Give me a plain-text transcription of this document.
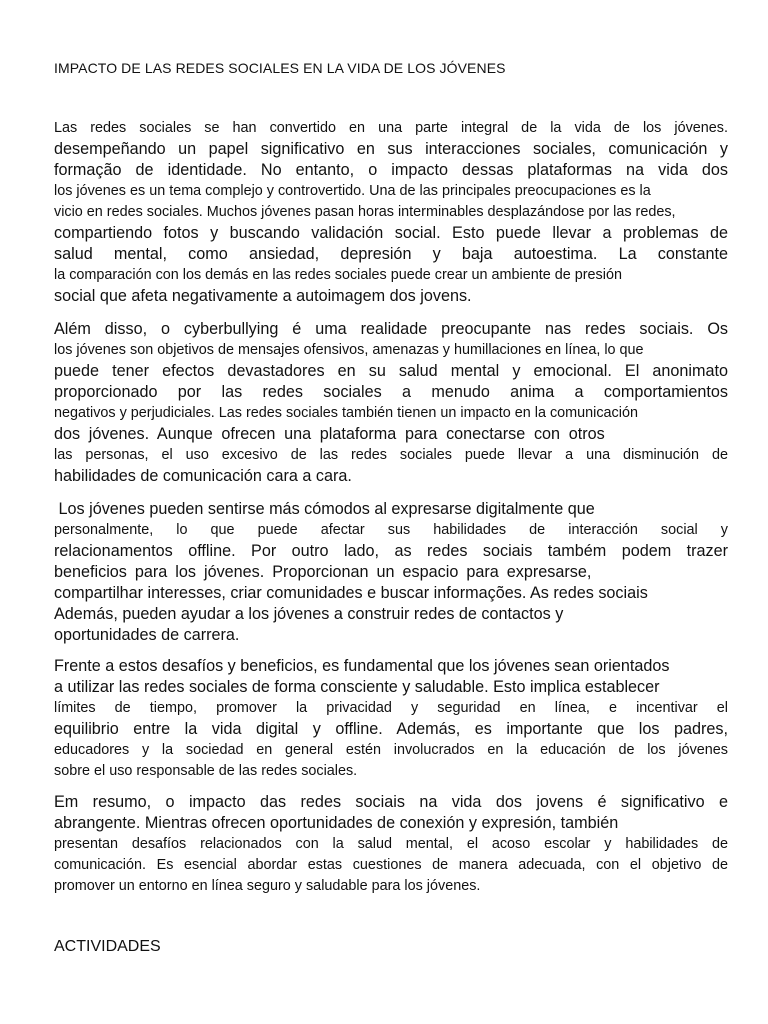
IMPACTO DE LAS REDES SOCIALES EN LA VIDA DE LOS JÓVENES
Las redes sociales se han convertido en una parte integral de la vida de los jóvenes.
desempeñando un papel significativo en sus interacciones sociales, comunicación y
formação de identidade. No entanto, o impacto dessas plataformas na vida dos
los jóvenes es un tema complejo y controvertido. Una de las principales preocupaciones es la
vicio en redes sociales. Muchos jóvenes pasan horas interminables desplazándose por las redes,
compartiendo fotos y buscando validación social. Esto puede llevar a problemas de
salud mental, como ansiedad, depresión y baja autoestima. La constante
la comparación con los demás en las redes sociales puede crear un ambiente de presión
social que afeta negativamente a autoimagem dos jovens.
Além disso, o cyberbullying é uma realidade preocupante nas redes sociais. Os
los jóvenes son objetivos de mensajes ofensivos, amenazas y humillaciones en línea, lo que
puede tener efectos devastadores en su salud mental y emocional. El anonimato
proporcionado por las redes sociales a menudo anima a comportamientos
negativos y perjudiciales. Las redes sociales también tienen un impacto en la comunicación
dos jóvenes. Aunque ofrecen una plataforma para conectarse con otros
las personas, el uso excesivo de las redes sociales puede llevar a una disminución de
habilidades de comunicación cara a cara.
Los jóvenes pueden sentirse más cómodos al expresarse digitalmente que
personalmente, lo que puede afectar sus habilidades de interacción social y
relacionamentos offline. Por outro lado, as redes sociais também podem trazer
beneficios para los jóvenes. Proporcionan un espacio para expresarse,
compartilhar interesses, criar comunidades e buscar informações. As redes sociais
Además, pueden ayudar a los jóvenes a construir redes de contactos y
oportunidades de carrera.
Frente a estos desafíos y beneficios, es fundamental que los jóvenes sean orientados
a utilizar las redes sociales de forma consciente y saludable. Esto implica establecer
límites de tiempo, promover la privacidad y seguridad en línea, e incentivar el
equilibrio entre la vida digital y offline. Además, es importante que los padres,
educadores y la sociedad en general estén involucrados en la educación de los jóvenes
sobre el uso responsable de las redes sociales.
Em resumo, o impacto das redes sociais na vida dos jovens é significativo e
abrangente. Mientras ofrecen oportunidades de conexión y expresión, también
presentan desafíos relacionados con la salud mental, el acoso escolar y habilidades de
comunicación. Es esencial abordar estas cuestiones de manera adecuada, con el objetivo de
promover un entorno en línea seguro y saludable para los jóvenes.
ACTIVIDADES
